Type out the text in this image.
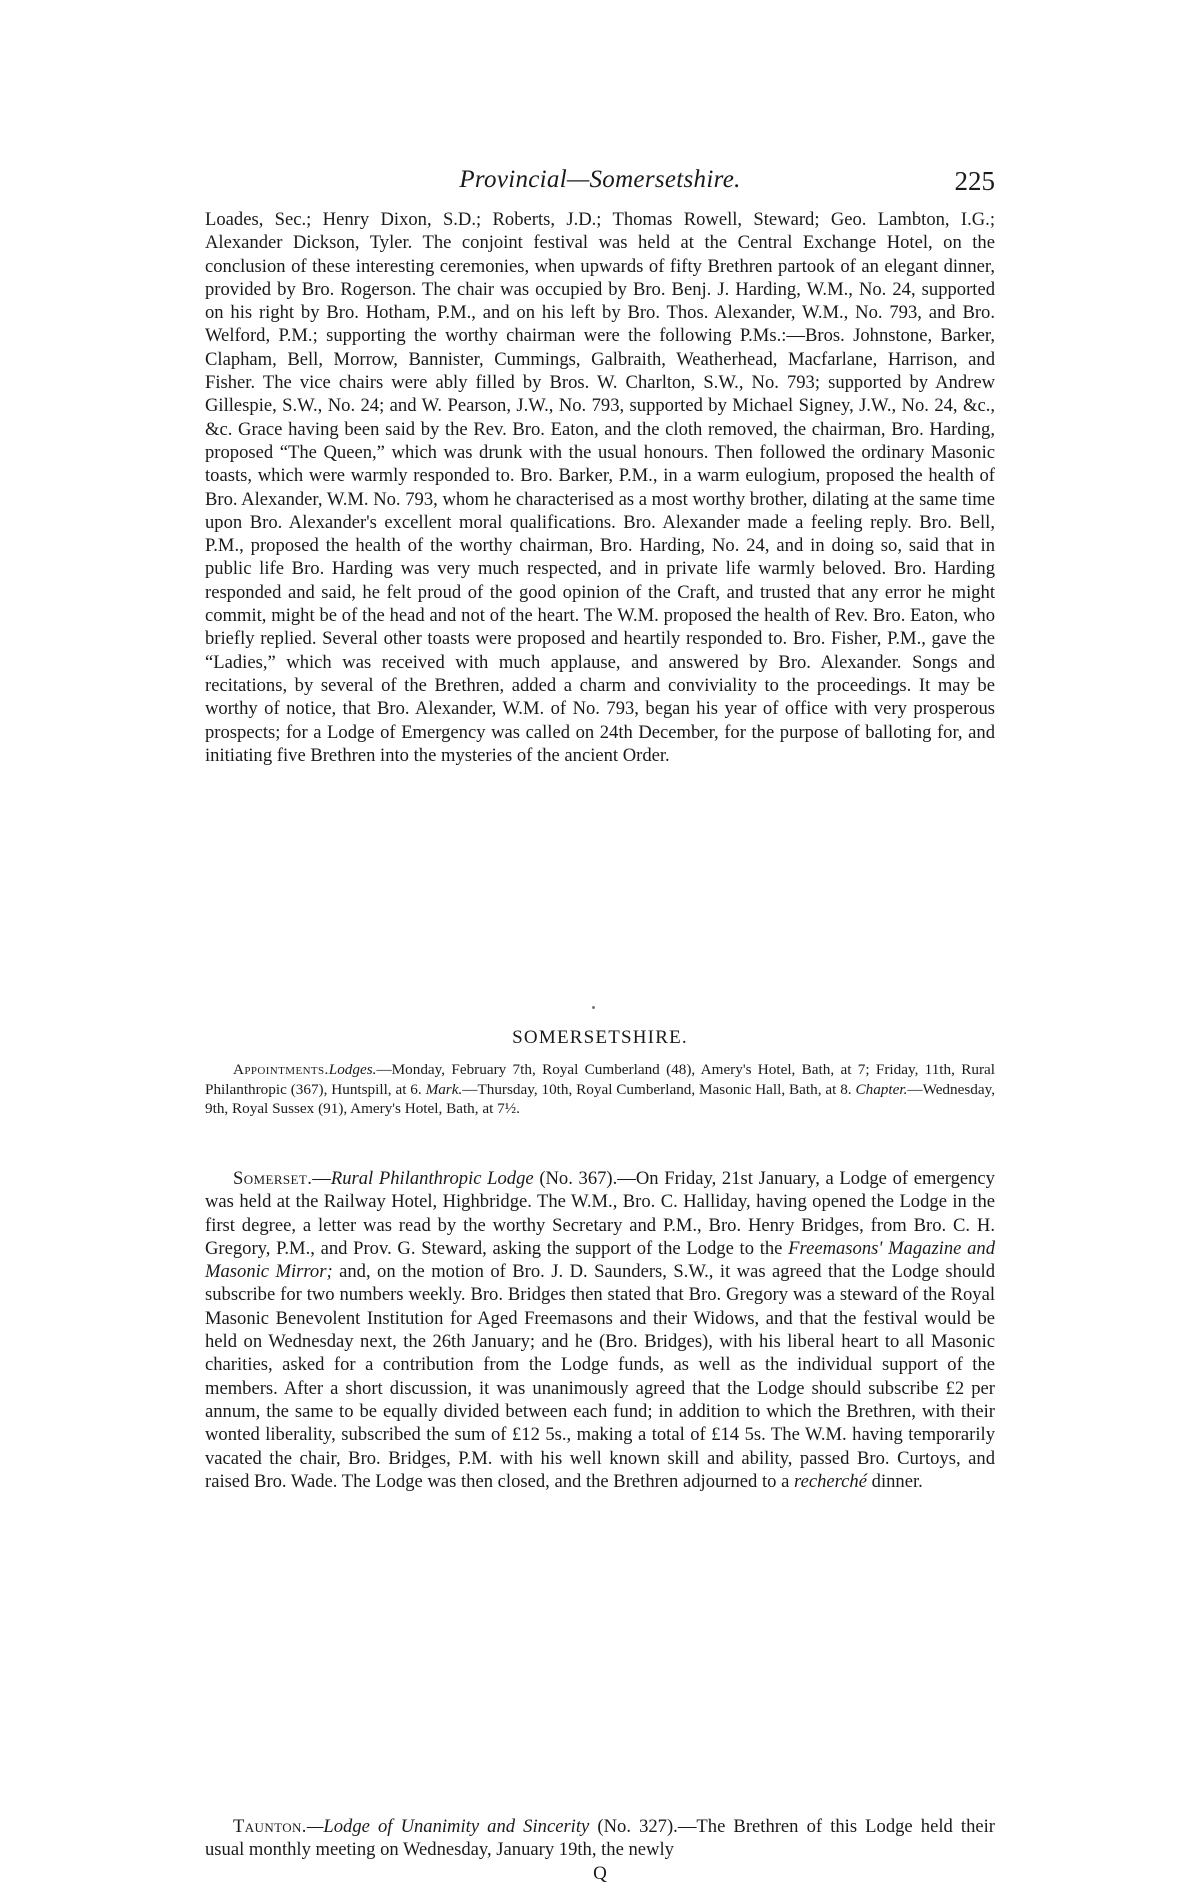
Provincial—Somersetshire.	225

Loades, Sec.; Henry Dixon, S.D.; Roberts, J.D.; Thomas Rowell, Steward; Geo. Lambton, I.G.; Alexander Dickson, Tyler. The conjoint festival was held at the Central Exchange Hotel, on the conclusion of these interesting ceremonies, when upwards of fifty Brethren partook of an elegant dinner, provided by Bro. Rogerson. The chair was occupied by Bro. Benj. J. Harding, W.M., No. 24, supported on his right by Bro. Hotham, P.M., and on his left by Bro. Thos. Alexander, W.M., No. 793, and Bro. Welford, P.M.; supporting the worthy chairman were the following P.Ms.:—Bros. Johnstone, Barker, Clapham, Bell, Morrow, Bannister, Cummings, Galbraith, Weatherhead, Macfarlane, Harrison, and Fisher. The vice chairs were ably filled by Bros. W. Charlton, S.W., No. 793; supported by Andrew Gillespie, S.W., No. 24; and W. Pearson, J.W., No. 793, supported by Michael Signey, J.W., No. 24, &c., &c. Grace having been said by the Rev. Bro. Eaton, and the cloth removed, the chairman, Bro. Harding, proposed “The Queen,” which was drunk with the usual honours. Then followed the ordinary Masonic toasts, which were warmly responded to. Bro. Barker, P.M., in a warm eulogium, proposed the health of Bro. Alexander, W.M. No. 793, whom he characterised as a most worthy brother, dilating at the same time upon Bro. Alexander's excellent moral qualifications. Bro. Alexander made a feeling reply. Bro. Bell, P.M., proposed the health of the worthy chairman, Bro. Harding, No. 24, and in doing so, said that in public life Bro. Harding was very much respected, and in private life warmly beloved. Bro. Harding responded and said, he felt proud of the good opinion of the Craft, and trusted that any error he might commit, might be of the head and not of the heart. The W.M. proposed the health of Rev. Bro. Eaton, who briefly replied. Several other toasts were proposed and heartily responded to. Bro. Fisher, P.M., gave the “Ladies,” which was received with much applause, and answered by Bro. Alexander. Songs and recitations, by several of the Brethren, added a charm and conviviality to the proceedings. It may be worthy of notice, that Bro. Alexander, W.M. of No. 793, began his year of office with very prosperous prospects; for a Lodge of Emergency was called on 24th December, for the purpose of balloting for, and initiating five Brethren into the mysteries of the ancient Order.

SOMERSETSHIRE.

Appointments.Lodges.—Monday, February 7th, Royal Cumberland (48), Amery's Hotel, Bath, at 7; Friday, 11th, Rural Philanthropic (367), Huntspill, at 6. Mark.—Thursday, 10th, Royal Cumberland, Masonic Hall, Bath, at 8. Chapter.—Wednesday, 9th, Royal Sussex (91), Amery's Hotel, Bath, at 7½.

Somerset.—Rural Philanthropic Lodge (No. 367).—On Friday, 21st January, a Lodge of emergency was held at the Railway Hotel, Highbridge. The W.M., Bro. C. Halliday, having opened the Lodge in the first degree, a letter was read by the worthy Secretary and P.M., Bro. Henry Bridges, from Bro. C. H. Gregory, P.M., and Prov. G. Steward, asking the support of the Lodge to the Freemasons' Magazine and Masonic Mirror; and, on the motion of Bro. J. D. Saunders, S.W., it was agreed that the Lodge should subscribe for two numbers weekly. Bro. Bridges then stated that Bro. Gregory was a steward of the Royal Masonic Benevolent Institution for Aged Freemasons and their Widows, and that the festival would be held on Wednesday next, the 26th January; and he (Bro. Bridges), with his liberal heart to all Masonic charities, asked for a contribution from the Lodge funds, as well as the individual support of the members. After a short discussion, it was unanimously agreed that the Lodge should subscribe £2 per annum, the same to be equally divided between each fund; in addition to which the Brethren, with their wonted liberality, subscribed the sum of £12 5s., making a total of £14 5s. The W.M. having temporarily vacated the chair, Bro. Bridges, P.M. with his well known skill and ability, passed Bro. Curtoys, and raised Bro. Wade. The Lodge was then closed, and the Brethren adjourned to a recherché dinner.

Taunton.—Lodge of Unanimity and Sincerity (No. 327).—The Brethren of this Lodge held their usual monthly meeting on Wednesday, January 19th, the newly

Q
